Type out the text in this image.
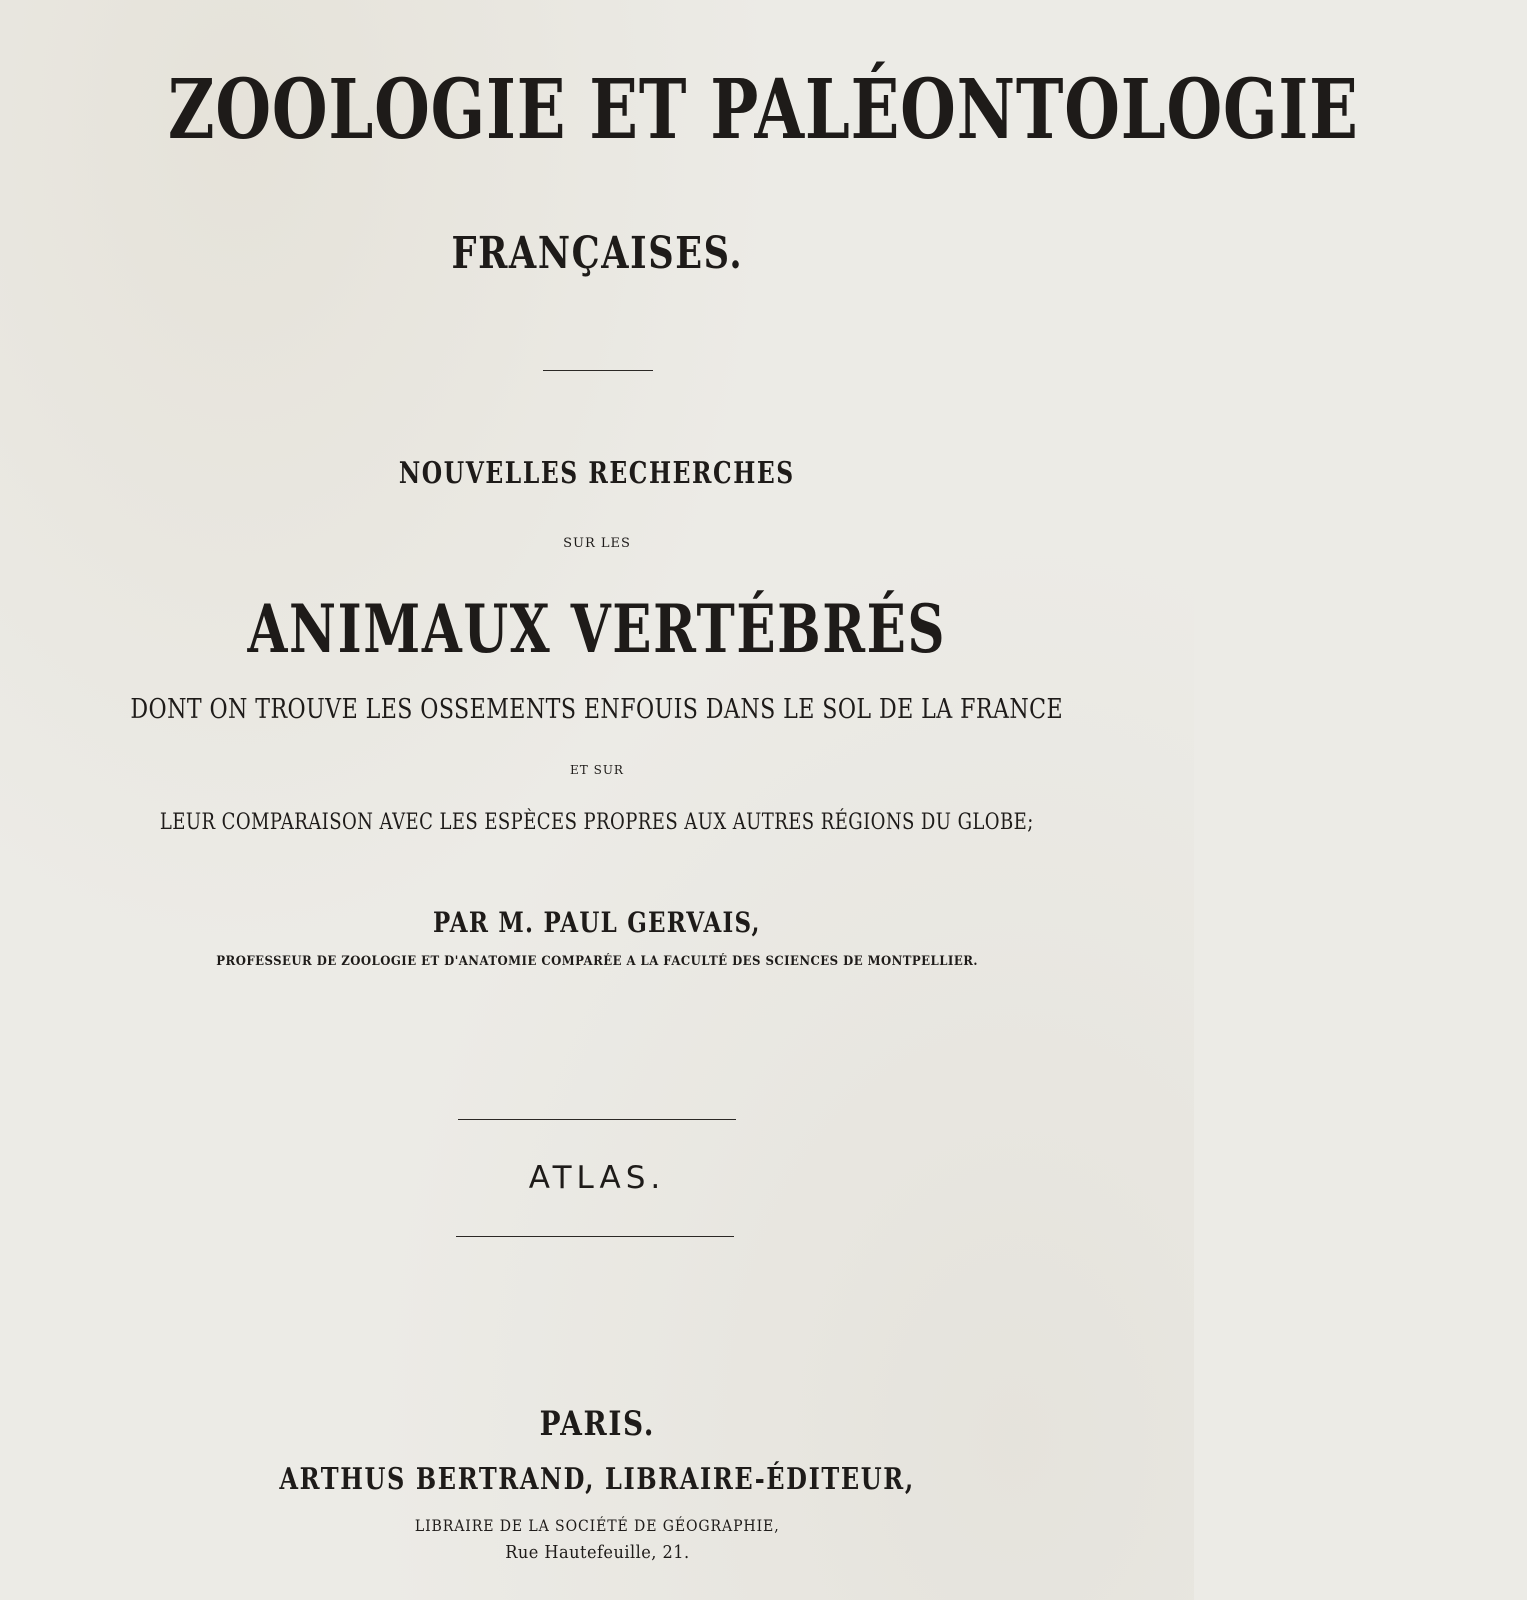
ZOOLOGIE ET PALÉONTOLOGIE
FRANÇAISES.
NOUVELLES RECHERCHES
SUR LES
ANIMAUX VERTÉBRÉS
DONT ON TROUVE LES OSSEMENTS ENFOUIS DANS LE SOL DE LA FRANCE
ET SUR
LEUR COMPARAISON AVEC LES ESPÈCES PROPRES AUX AUTRES RÉGIONS DU GLOBE;
PAR M. PAUL GERVAIS,
PROFESSEUR DE ZOOLOGIE ET D'ANATOMIE COMPARÉE A LA FACULTÉ DES SCIENCES DE MONTPELLIER.
ATLAS.
PARIS.
ARTHUS BERTRAND, LIBRAIRE-ÉDITEUR,
LIBRAIRE DE LA SOCIÉTÉ DE GÉOGRAPHIE,
Rue Hautefeuille, 21.
